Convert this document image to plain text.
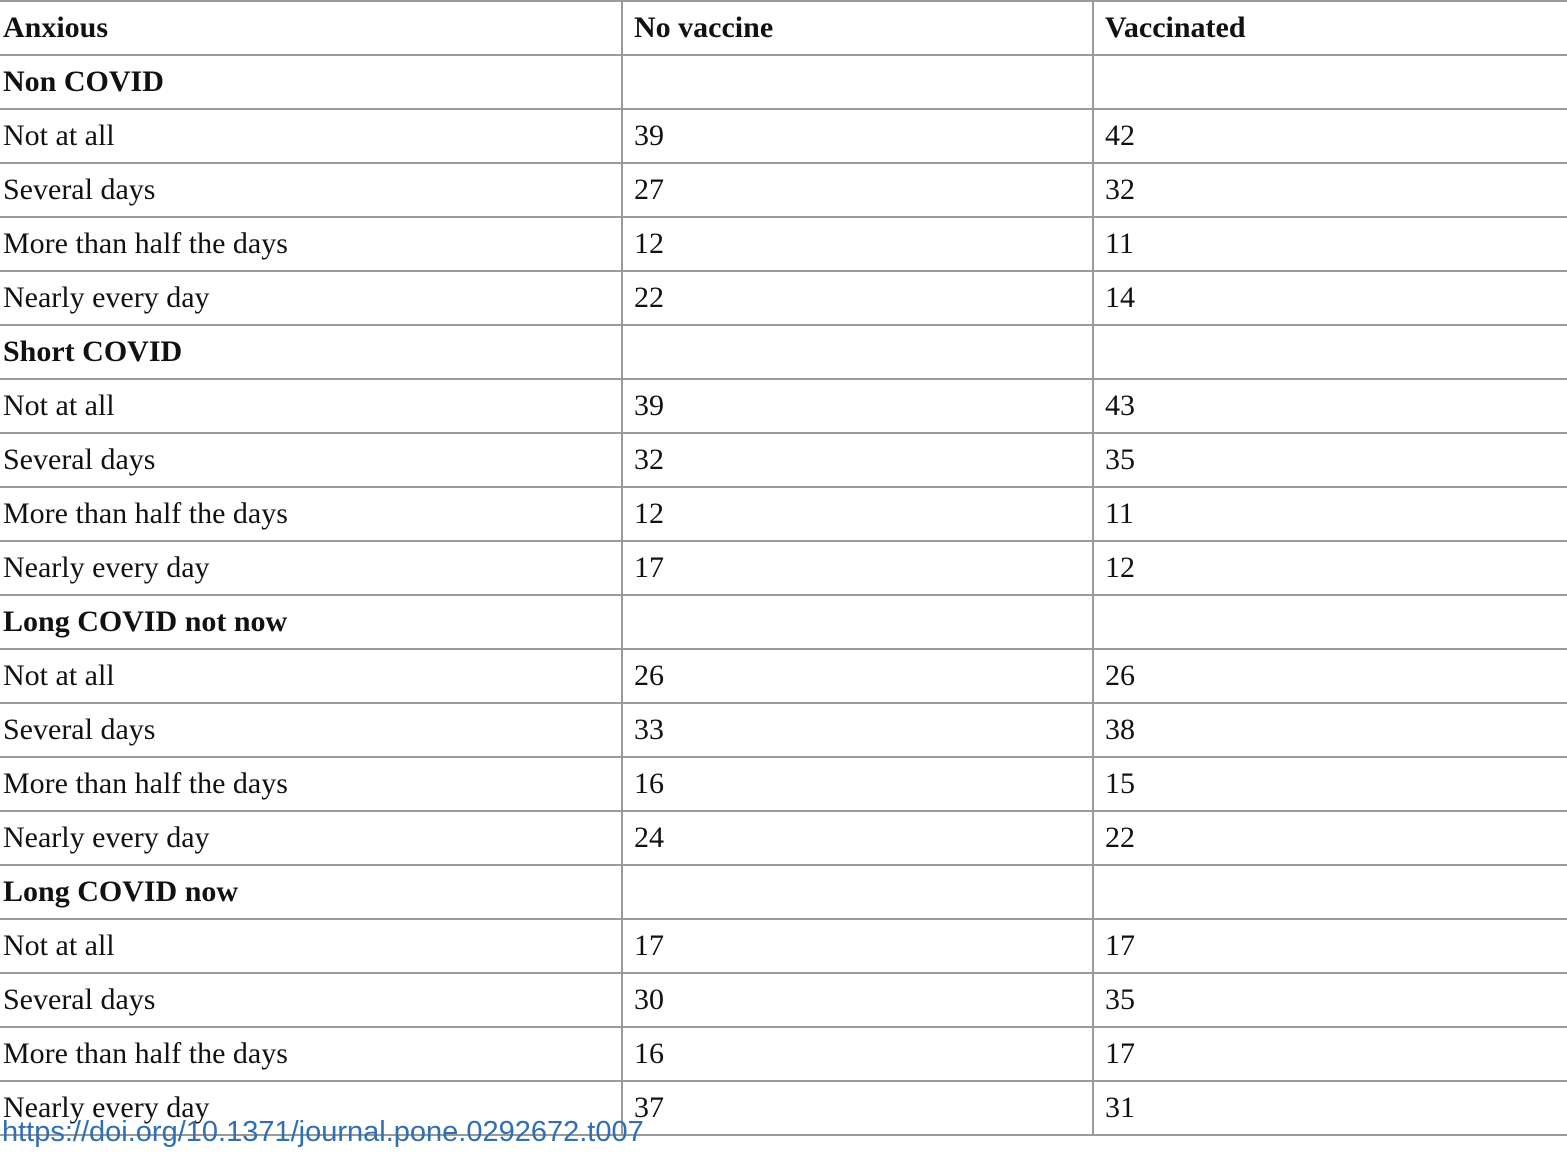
Anxious	No vaccine	Vaccinated
Non COVID		
Not at all	39	42
Several days	27	32
More than half the days	12	11
Nearly every day	22	14
Short COVID		
Not at all	39	43
Several days	32	35
More than half the days	12	11
Nearly every day	17	12
Long COVID not now		
Not at all	26	26
Several days	33	38
More than half the days	16	15
Nearly every day	24	22
Long COVID now		
Not at all	17	17
Several days	30	35
More than half the days	16	17
Nearly every day	37	31
https://doi.org/10.1371/journal.pone.0292672.t007
